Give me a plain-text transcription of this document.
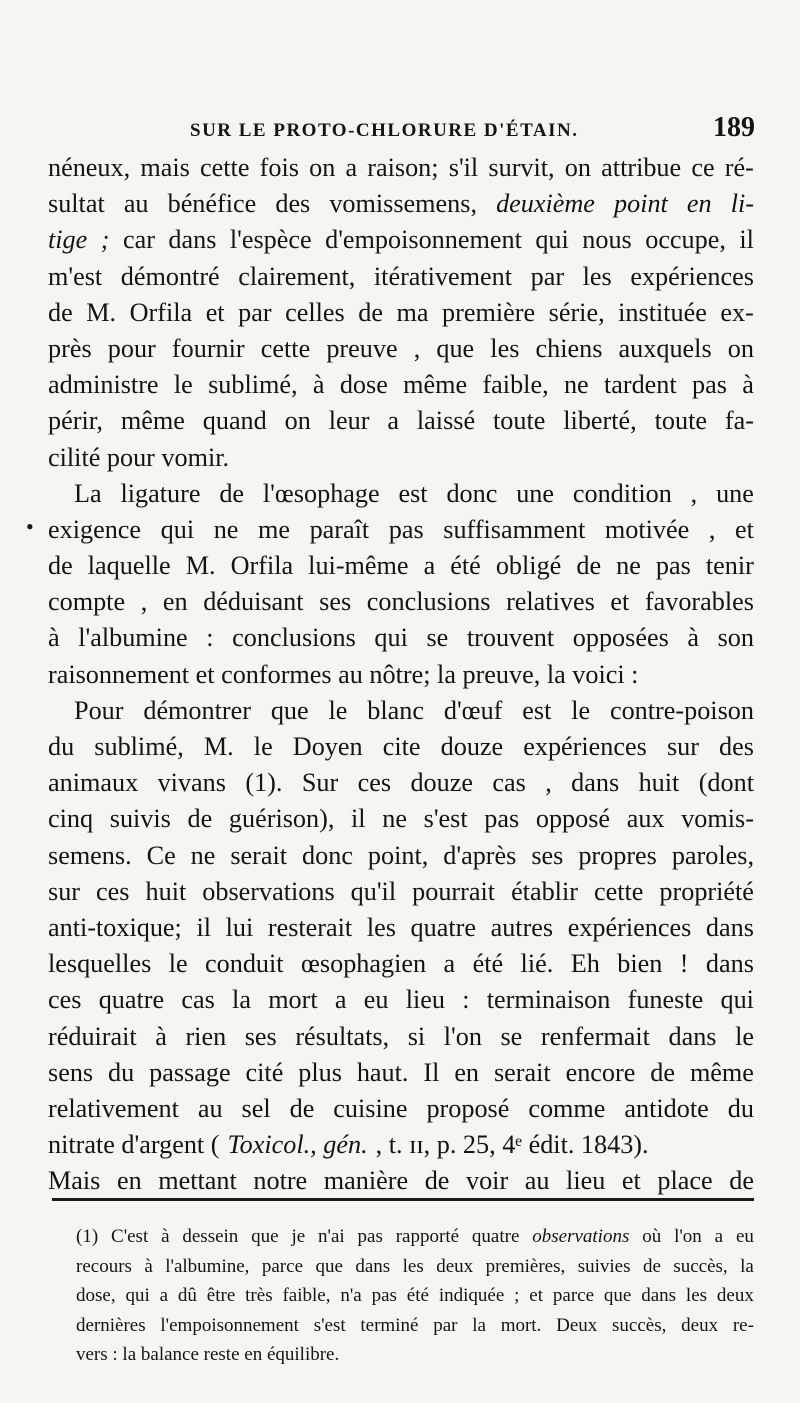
SUR LE PROTO-CHLORURE D'ÉTAIN.	189
•
néneux, mais cette fois on a raison; s'il survit, on attribue ce ré-
sultat au bénéfice des vomissemens, deuxième point en li-
tige ; car dans l'espèce d'empoisonnement qui nous occupe, il
m'est démontré clairement, itérativement par les expériences
de M. Orfila et par celles de ma première série, instituée ex-
près pour fournir cette preuve , que les chiens auxquels on
administre le sublimé, à dose même faible, ne tardent pas à
périr, même quand on leur a laissé toute liberté, toute fa-
cilité pour vomir.
La ligature de l'œsophage est donc une condition , une
exigence qui ne me paraît pas suffisamment motivée , et
de laquelle M. Orfila lui-même a été obligé de ne pas tenir
compte , en déduisant ses conclusions relatives et favorables
à l'albumine : conclusions qui se trouvent opposées à son
raisonnement et conformes au nôtre; la preuve, la voici :
Pour démontrer que le blanc d'œuf est le contre-poison
du sublimé, M. le Doyen cite douze expériences sur des
animaux vivans (1). Sur ces douze cas , dans huit (dont
cinq suivis de guérison), il ne s'est pas opposé aux vomis-
semens. Ce ne serait donc point, d'après ses propres paroles,
sur ces huit observations qu'il pourrait établir cette propriété
anti-toxique; il lui resterait les quatre autres expériences dans
lesquelles le conduit œsophagien a été lié. Eh bien ! dans
ces quatre cas la mort a eu lieu : terminaison funeste qui
réduirait à rien ses résultats, si l'on se renfermait dans le
sens du passage cité plus haut. Il en serait encore de même
relativement au sel de cuisine proposé comme antidote du
nitrate d'argent ( Toxicol., gén. , t. ɪɪ, p. 25, 4ᵉ édit. 1843).
Mais en mettant notre manière de voir au lieu et place de
(1) C'est à dessein que je n'ai pas rapporté quatre observations où l'on a eu
recours à l'albumine, parce que dans les deux premières, suivies de succès, la
dose, qui a dû être très faible, n'a pas été indiquée ; et parce que dans les deux
dernières l'empoisonnement s'est terminé par la mort. Deux succès, deux re-
vers : la balance reste en équilibre.
